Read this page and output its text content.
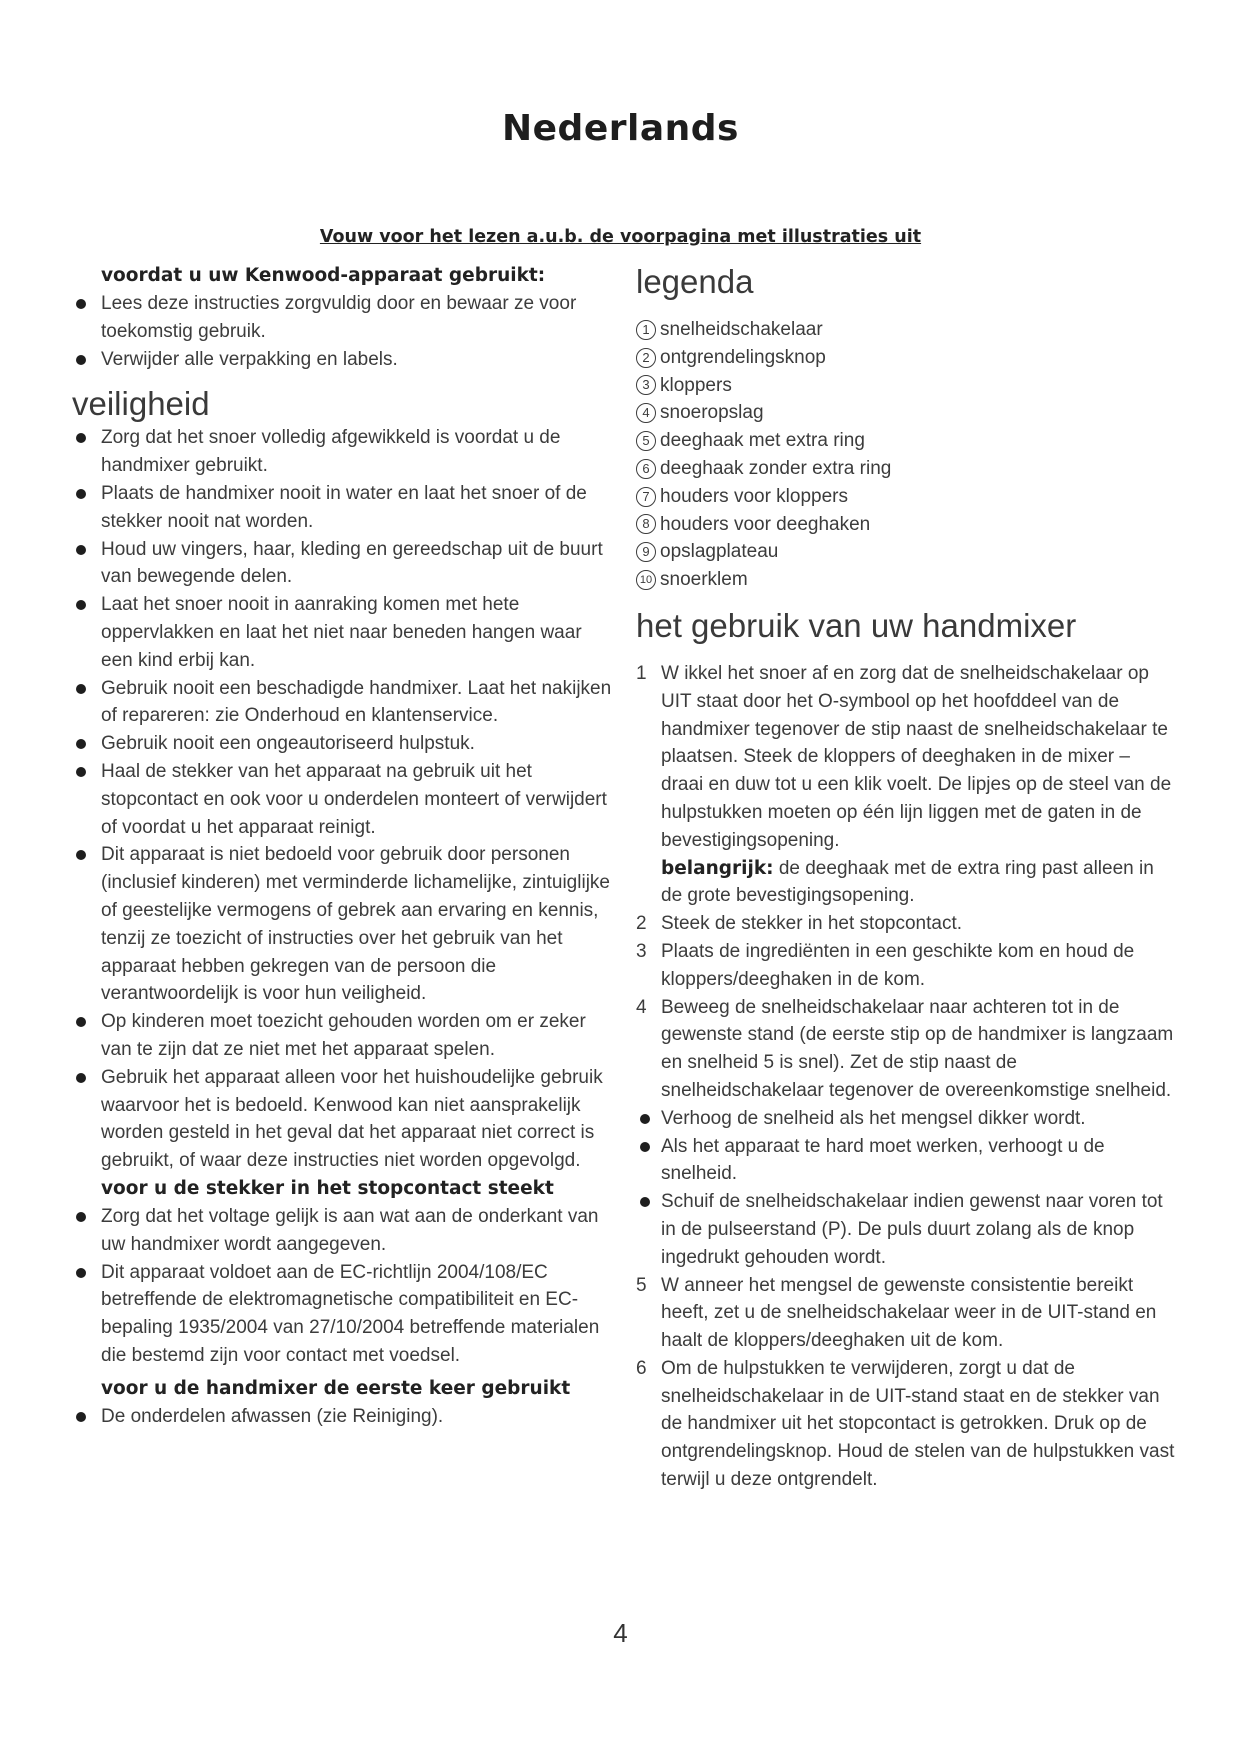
Nederlands
Vouw voor het lezen a.u.b. de voorpagina met illustraties uit

voordat u uw Kenwood-apparaat gebruikt:

Lees deze instructies zorgvuldig door en bewaar ze voor toekomstig gebruik.
Verwijder alle verpakking en labels.
veiligheid
Zorg dat het snoer volledig afgewikkeld is voordat u de handmixer gebruikt.
Plaats de handmixer nooit in water en laat het snoer of de stekker nooit nat worden.
Houd uw vingers, haar, kleding en gereedschap uit de buurt van bewegende delen.
Laat het snoer nooit in aanraking komen met hete oppervlakken en laat het niet naar beneden hangen waar een kind erbij kan.
Gebruik nooit een beschadigde handmixer. Laat het nakijken of repareren: zie Onderhoud en klantenservice.
Gebruik nooit een ongeautoriseerd hulpstuk.
Haal de stekker van het apparaat na gebruik uit het stopcontact en ook voor u onderdelen monteert of verwijdert of voordat u het apparaat reinigt.
Dit apparaat is niet bedoeld voor gebruik door personen (inclusief kinderen) met verminderde lichamelijke, zintuiglijke of geestelijke vermogens of gebrek aan ervaring en kennis, tenzij ze toezicht of instructies over het gebruik van het apparaat hebben gekregen van de persoon die verantwoordelijk is voor hun veiligheid.
Op kinderen moet toezicht gehouden worden om er zeker van te zijn dat ze niet met het apparaat spelen.
Gebruik het apparaat alleen voor het huishoudelijke gebruik waarvoor het is bedoeld. Kenwood kan niet aansprakelijk worden gesteld in het geval dat het apparaat niet correct is gebruikt, of waar deze instructies niet worden opgevolgd.

voor u de stekker in het stopcontact steekt

Zorg dat het voltage gelijk is aan wat aan de onderkant van uw handmixer wordt aangegeven.
Dit apparaat voldoet aan de EC-richtlijn 2004/108/EC betreffende de elektromagnetische compatibiliteit en EC-bepaling 1935/2004 van 27/10/2004 betreffende materialen die bestemd zijn voor contact met voedsel.

voor u de handmixer de eerste keer gebruikt

De onderdelen afwassen (zie Reiniging).
legenda
1 snelheidschakelaar
2 ontgrendelingsknop
3 kloppers
4 snoeropslag
5 deeghaak met extra ring
6 deeghaak zonder extra ring
7 houders voor kloppers
8 houders voor deeghaken
9 opslagplateau
10 snoerklem
het gebruik van uw handmixer
1 W ikkel het snoer af en zorg dat de snelheidschakelaar op UIT staat door het O-symbool op het hoofddeel van de handmixer tegenover de stip naast de snelheidschakelaar te plaatsen. Steek de kloppers of deeghaken in de mixer – draai en duw tot u een klik voelt. De lipjes op de steel van de hulpstukken moeten op één lijn liggen met de gaten in de bevestigingsopening.
belangrijk: de deeghaak met de extra ring past alleen in de grote bevestigingsopening.
2 Steek de stekker in het stopcontact.
3 Plaats de ingrediënten in een geschikte kom en houd de kloppers/deeghaken in de kom.
4 Beweeg de snelheidschakelaar naar achteren tot in de gewenste stand (de eerste stip op de handmixer is langzaam en snelheid 5 is snel). Zet de stip naast de snelheidschakelaar tegenover de overeenkomstige snelheid.
Verhoog de snelheid als het mengsel dikker wordt.
Als het apparaat te hard moet werken, verhoogt u de snelheid.
Schuif de snelheidschakelaar indien gewenst naar voren tot in de pulseerstand (P). De puls duurt zolang als de knop ingedrukt gehouden wordt.
5 W anneer het mengsel de gewenste consistentie bereikt heeft, zet u de snelheidschakelaar weer in de UIT-stand en haalt de kloppers/deeghaken uit de kom.
6 Om de hulpstukken te verwijderen, zorgt u dat de snelheidschakelaar in de UIT-stand staat en de stekker van de handmixer uit het stopcontact is getrokken. Druk op de ontgrendelingsknop. Houd de stelen van de hulpstukken vast terwijl u deze ontgrendelt.
4
